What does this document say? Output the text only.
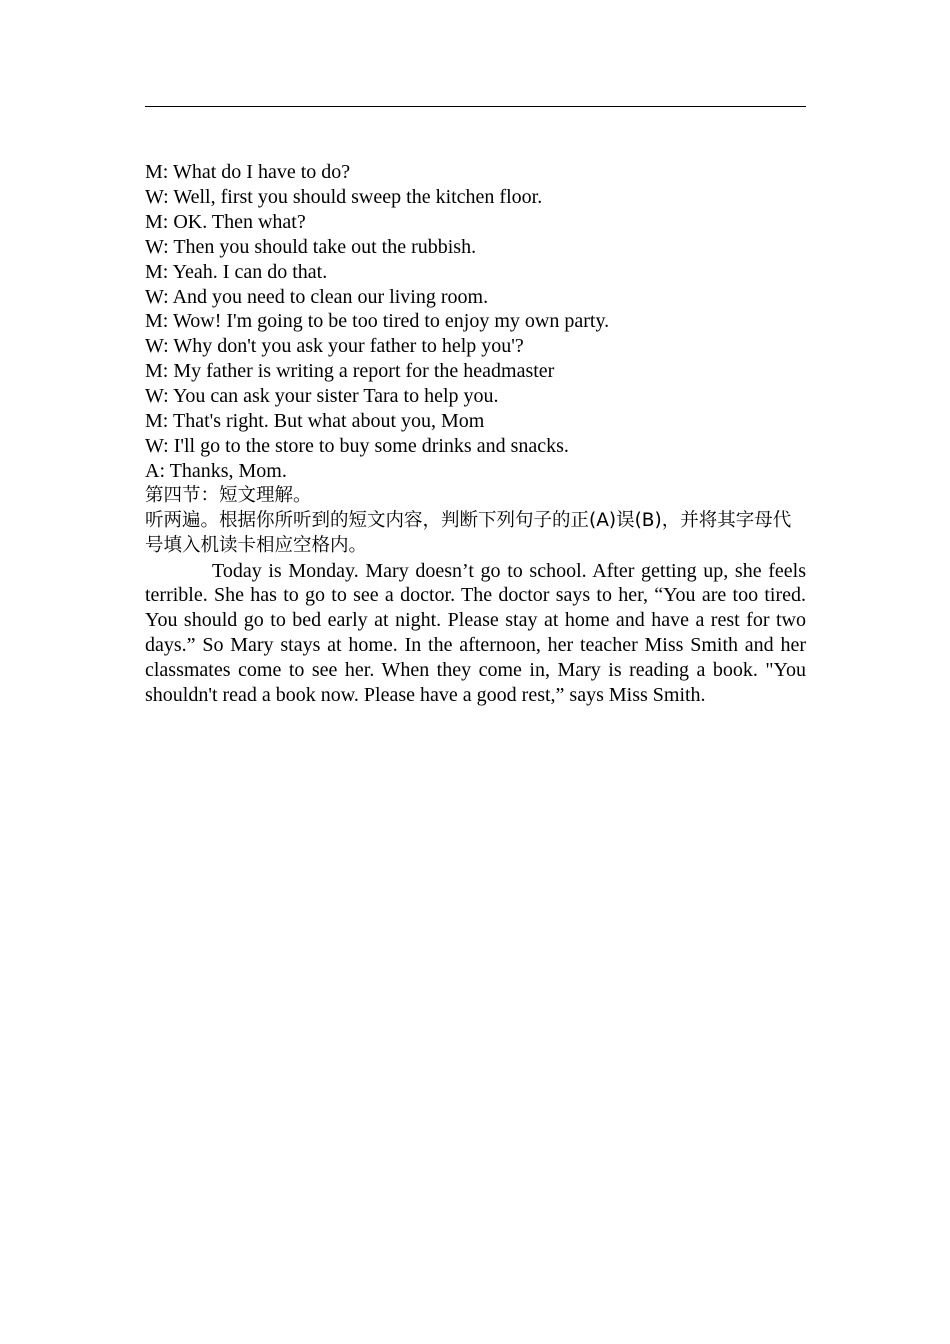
M: What do I have to do?

W: Well, first you should sweep the kitchen floor.

M: OK. Then what?

W: Then you should take out the rubbish.

M: Yeah. I can do that.

W: And you need to clean our living room.

M: Wow! I'm going to be too tired to enjoy my own party.

W: Why don't you ask your father to help you'?

M: My father is writing a report for the headmaster

W: You can ask your sister Tara to help you.

M: That's right. But what about you, Mom

W: I'll go to the store to buy some drinks and snacks.

A: Thanks, Mom.

第四节：短文理解。

听两遍。根据你所听到的短文内容，判断下列句子的正(A)误(B)，并将其字母代号填入机读卡相应空格内。

Today is Monday. Mary doesn’t go to school. After getting up, she feels terrible. She has to go to see a doctor. The doctor says to her, “You are too tired. You should go to bed early at night. Please stay at home and have a rest for two days.” So Mary stays at home. In the afternoon, her teacher Miss Smith and her classmates come to see her. When they come in, Mary is reading a book. "You shouldn't read a book now. Please have a good rest,” says Miss Smith.
